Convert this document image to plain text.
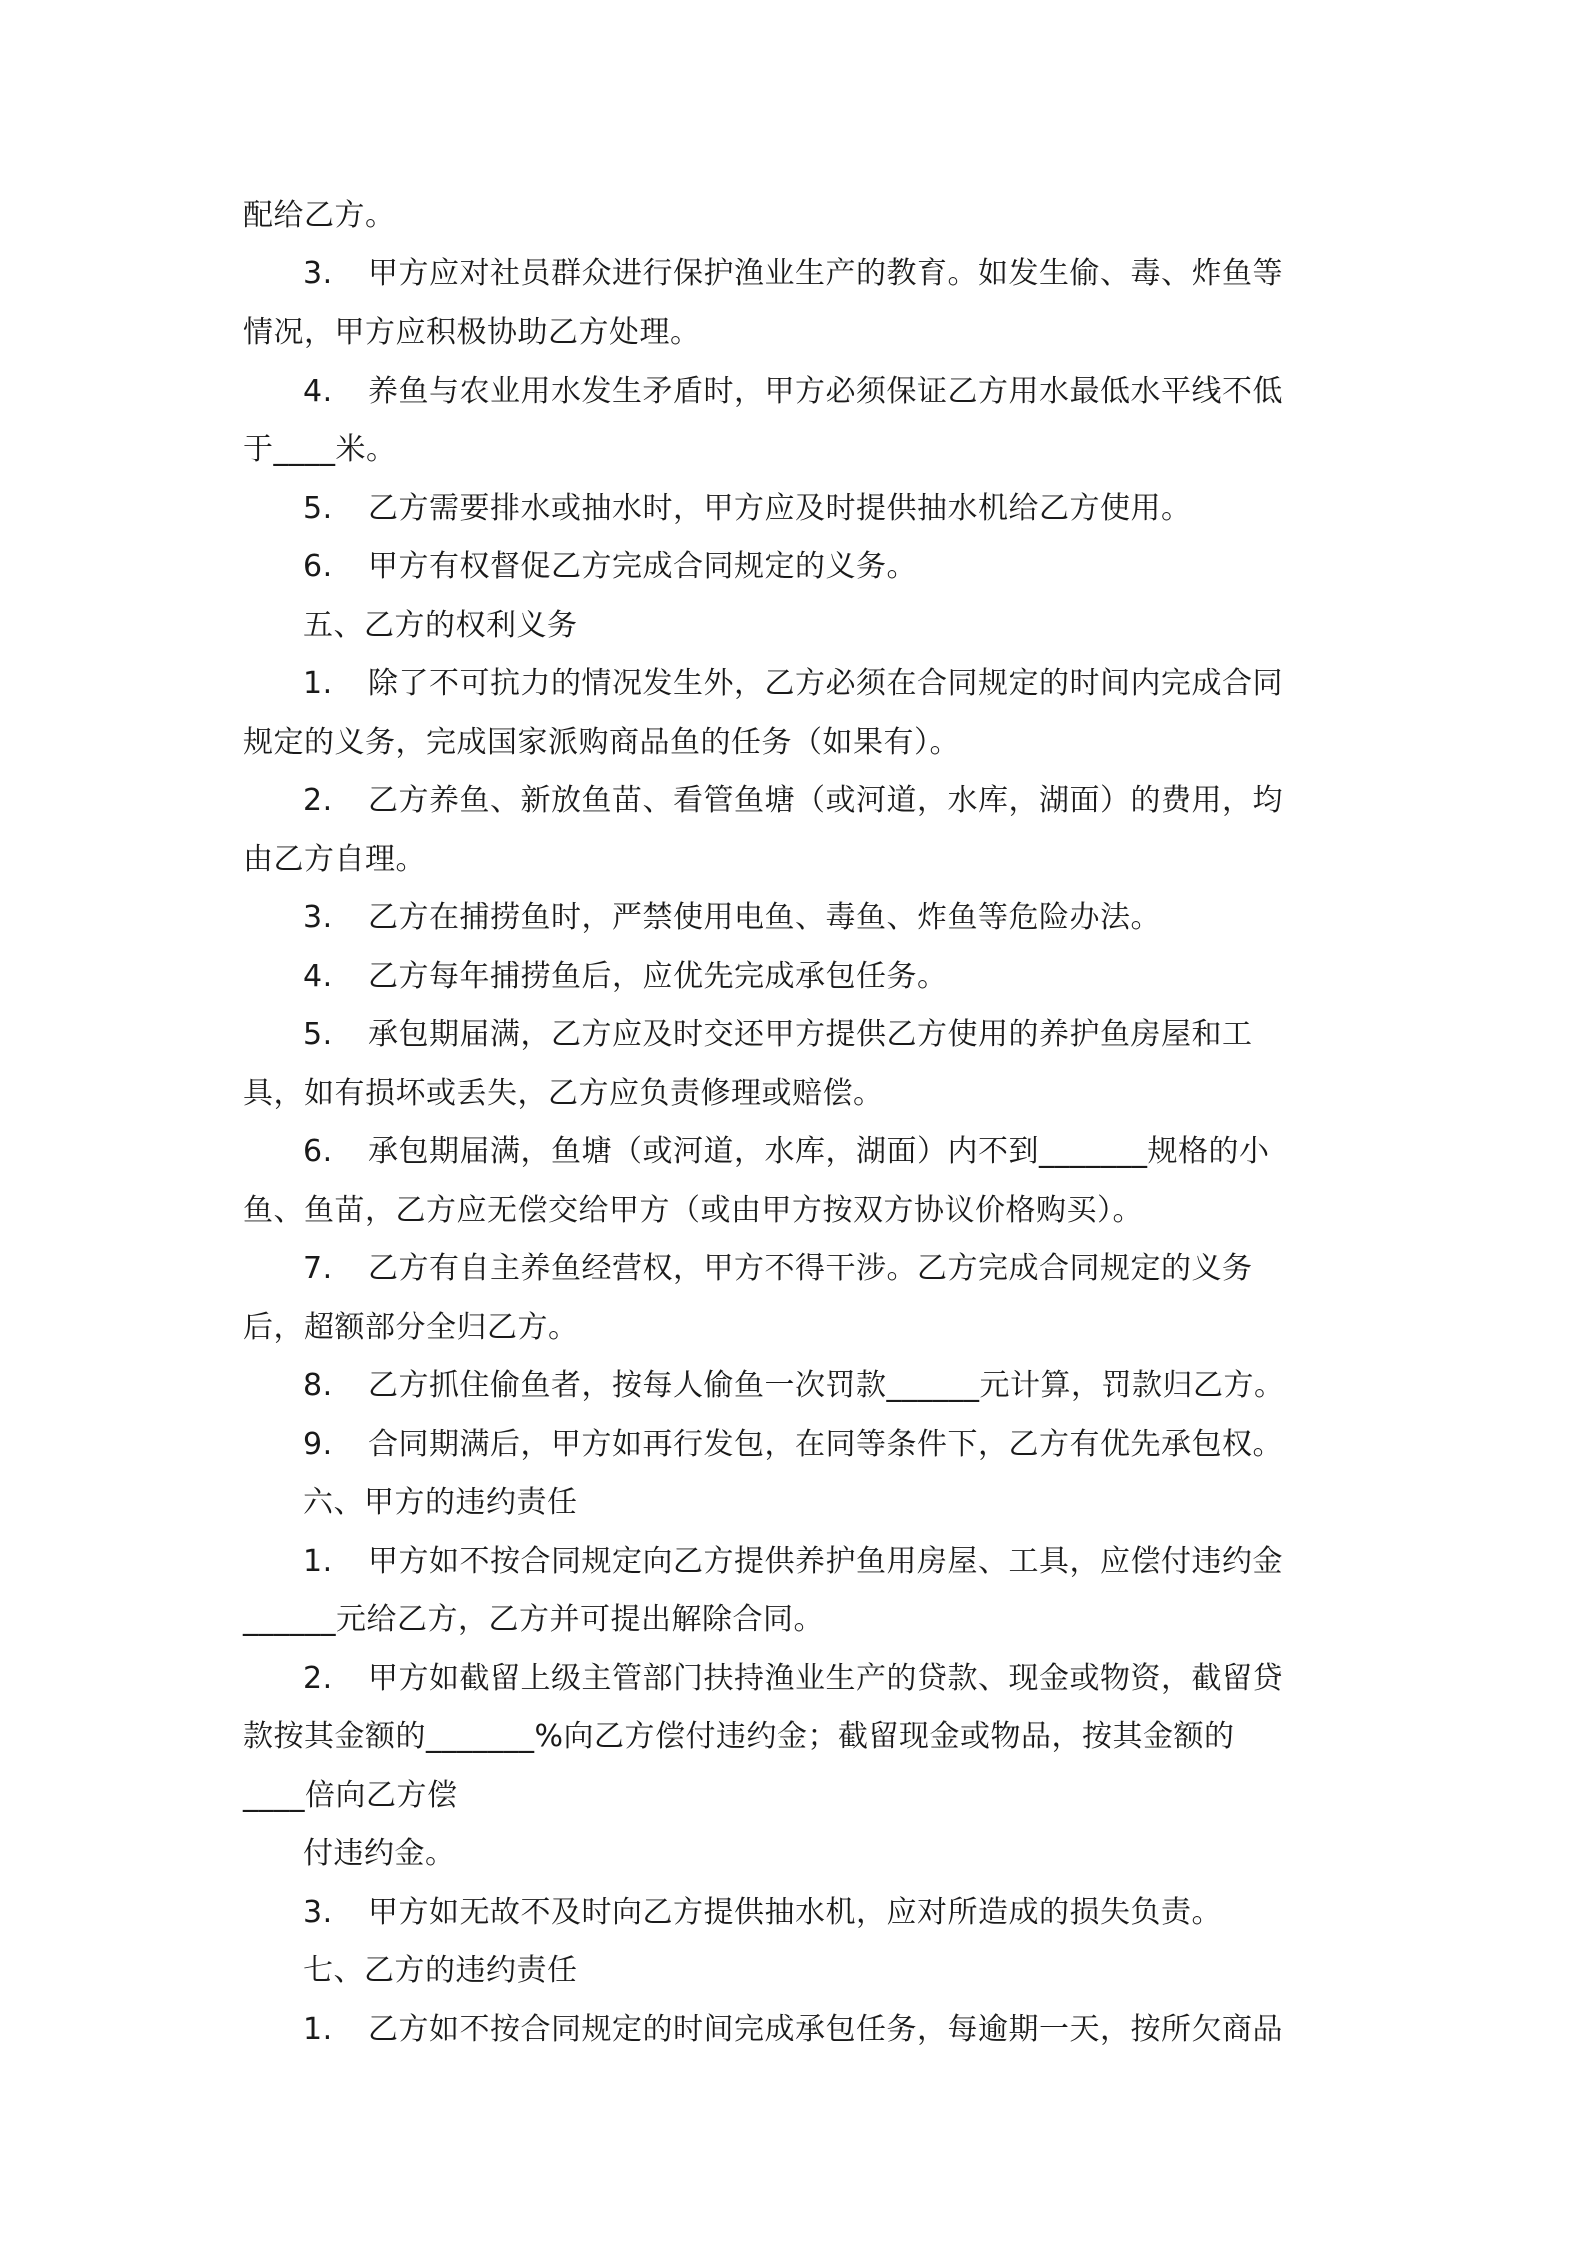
配给乙方。
3. 甲方应对社员群众进行保护渔业生产的教育。如发生偷、毒、炸鱼等
情况，甲方应积极协助乙方处理。
4. 养鱼与农业用水发生矛盾时，甲方必须保证乙方用水最低水平线不低
于____米。
5. 乙方需要排水或抽水时，甲方应及时提供抽水机给乙方使用。
6. 甲方有权督促乙方完成合同规定的义务。
五、乙方的权利义务
1. 除了不可抗力的情况发生外，乙方必须在合同规定的时间内完成合同
规定的义务，完成国家派购商品鱼的任务（如果有）。
2. 乙方养鱼、新放鱼苗、看管鱼塘（或河道，水库，湖面）的费用，均
由乙方自理。
3. 乙方在捕捞鱼时，严禁使用电鱼、毒鱼、炸鱼等危险办法。
4. 乙方每年捕捞鱼后，应优先完成承包任务。
5. 承包期届满，乙方应及时交还甲方提供乙方使用的养护鱼房屋和工
具，如有损坏或丢失，乙方应负责修理或赔偿。
6. 承包期届满，鱼塘（或河道，水库，湖面）内不到_______规格的小
鱼、鱼苗，乙方应无偿交给甲方（或由甲方按双方协议价格购买）。
7. 乙方有自主养鱼经营权，甲方不得干涉。乙方完成合同规定的义务
后，超额部分全归乙方。
8. 乙方抓住偷鱼者，按每人偷鱼一次罚款______元计算，罚款归乙方。
9. 合同期满后，甲方如再行发包，在同等条件下，乙方有优先承包权。
六、甲方的违约责任
1. 甲方如不按合同规定向乙方提供养护鱼用房屋、工具，应偿付违约金
______元给乙方，乙方并可提出解除合同。
2. 甲方如截留上级主管部门扶持渔业生产的贷款、现金或物资，截留贷
款按其金额的_______%向乙方偿付违约金；截留现金或物品，按其金额的
____倍向乙方偿
付违约金。
3. 甲方如无故不及时向乙方提供抽水机，应对所造成的损失负责。
七、乙方的违约责任
1. 乙方如不按合同规定的时间完成承包任务，每逾期一天，按所欠商品
